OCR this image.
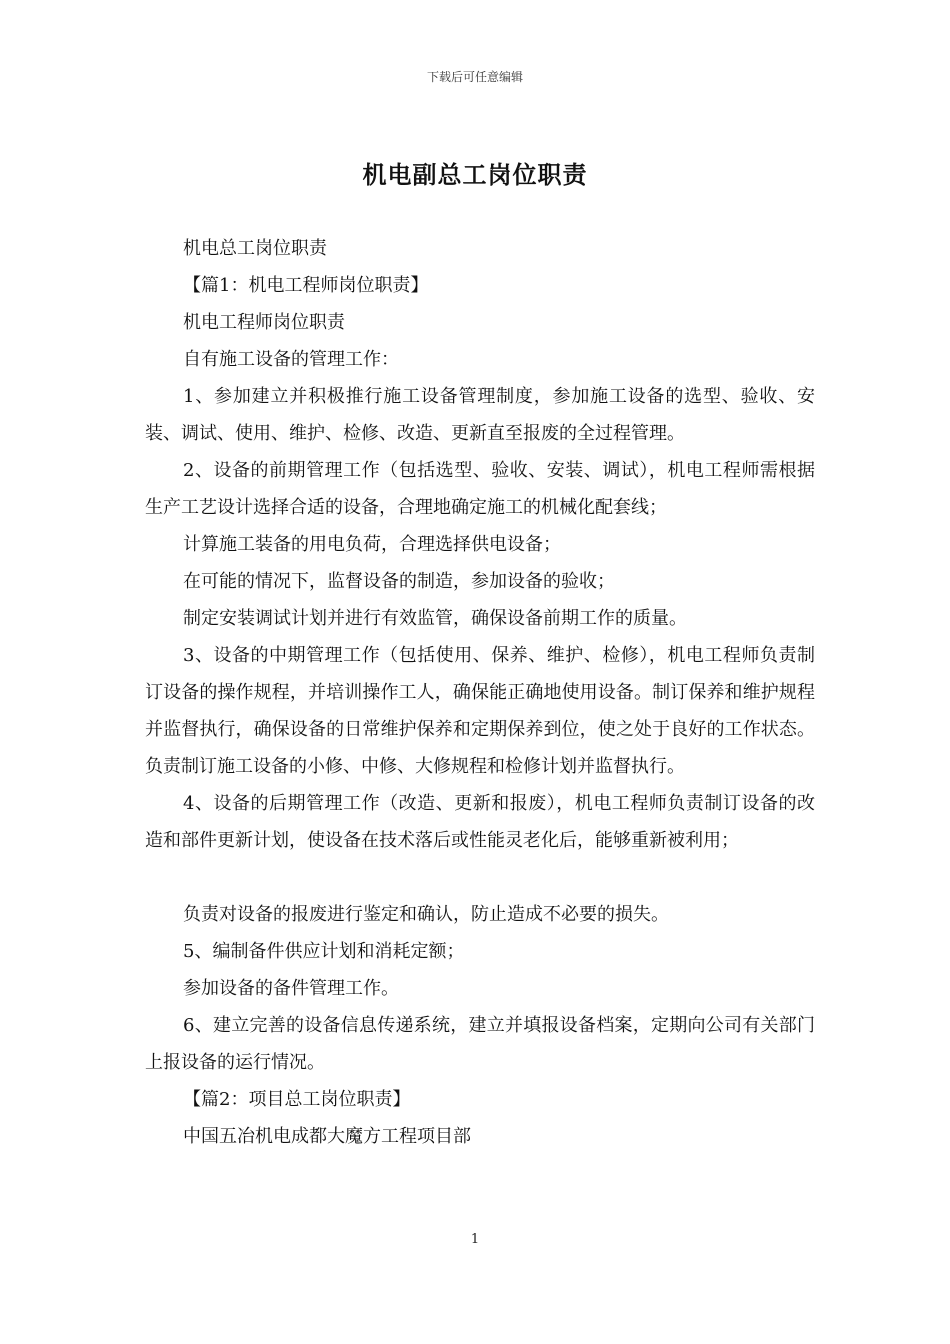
下载后可任意编辑
机电副总工岗位职责

机电总工岗位职责

【篇1：机电工程师岗位职责】

机电工程师岗位职责

自有施工设备的管理工作：

1、参加建立并积极推行施工设备管理制度，参加施工设备的选型、验收、安装、调试、使用、维护、检修、改造、更新直至报废的全过程管理。

2、设备的前期管理工作（包括选型、验收、安装、调试），机电工程师需根据生产工艺设计选择合适的设备，合理地确定施工的机械化配套线；

计算施工装备的用电负荷，合理选择供电设备；

在可能的情况下，监督设备的制造，参加设备的验收；

制定安装调试计划并进行有效监管，确保设备前期工作的质量。

3、设备的中期管理工作（包括使用、保养、维护、检修），机电工程师负责制订设备的操作规程，并培训操作工人，确保能正确地使用设备。制订保养和维护规程并监督执行，确保设备的日常维护保养和定期保养到位，使之处于良好的工作状态。负责制订施工设备的小修、中修、大修规程和检修计划并监督执行。

4、设备的后期管理工作（改造、更新和报废），机电工程师负责制订设备的改造和部件更新计划，使设备在技术落后或性能灵老化后，能够重新被利用；

负责对设备的报废进行鉴定和确认，防止造成不必要的损失。

5、编制备件供应计划和消耗定额；

参加设备的备件管理工作。

6、建立完善的设备信息传递系统，建立并填报设备档案，定期向公司有关部门上报设备的运行情况。

【篇2：项目总工岗位职责】

中国五冶机电成都大魔方工程项目部

1
